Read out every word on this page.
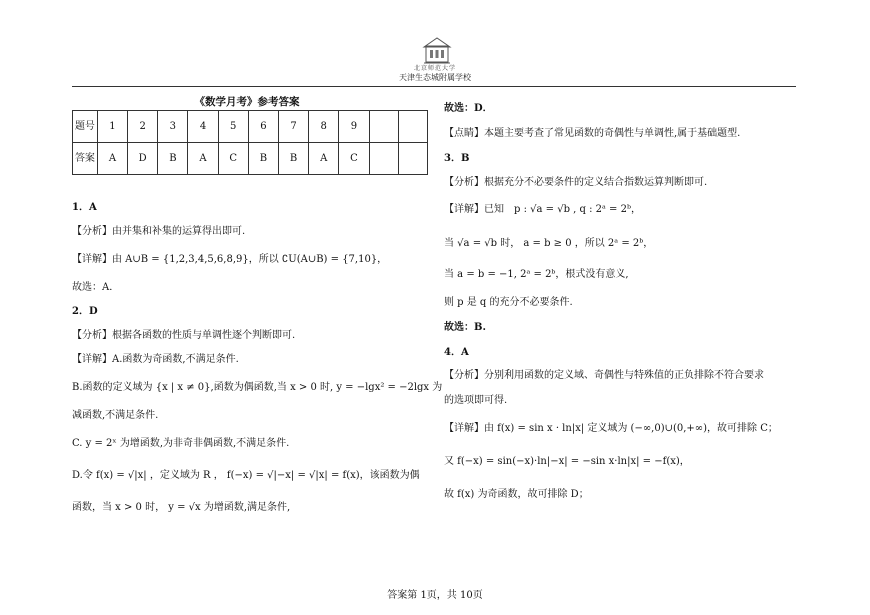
北京师范大学
天津生态城附属学校
《数学月考》参考答案
题号	1	2	3	4	5	6	7	8	9		
答案	A	D	B	A	C	B	B	A	C		
1．A
【分析】由并集和补集的运算得出即可.
【详解】由 A∪B = {1,2,3,4,5,6,8,9}，所以 ∁U(A∪B) = {7,10}，
故选：A．
2．D
【分析】根据各函数的性质与单调性逐个判断即可.
【详解】A.函数为奇函数,不满足条件.
B.函数的定义域为 {x | x ≠ 0},函数为偶函数,当 x > 0 时, y = −lgx² = −2lgx 为
减函数,不满足条件.
C. y = 2ˣ 为增函数,为非奇非偶函数,不满足条件.
D.令 f(x) = √|x| ，定义域为 R ， f(−x) = √|−x| = √|x| = f(x)，该函数为偶
函数，当 x > 0 时， y = √x 为增函数,满足条件,
故选：D．
【点睛】本题主要考查了常见函数的奇偶性与单调性,属于基础题型.
3．B
【分析】根据充分不必要条件的定义结合指数运算判断即可.
【详解】已知　p : √a = √b , q : 2ᵃ = 2ᵇ，
当 √a = √b 时， a = b ≥ 0 ，所以 2ᵃ = 2ᵇ，
当 a = b = −1, 2ᵃ = 2ᵇ，根式没有意义,
则 p 是 q 的充分不必要条件.
故选：B.
4．A
【分析】分别利用函数的定义域、奇偶性与特殊值的正负排除不符合要求
的选项即可得.
【详解】由 f(x) = sin x · ln|x| 定义域为 (−∞,0)∪(0,+∞)，故可排除 C；
又 f(−x) = sin(−x)·ln|−x| = −sin x·ln|x| = −f(x)，
故 f(x) 为奇函数，故可排除 D；
答案第 1页，共 10页
